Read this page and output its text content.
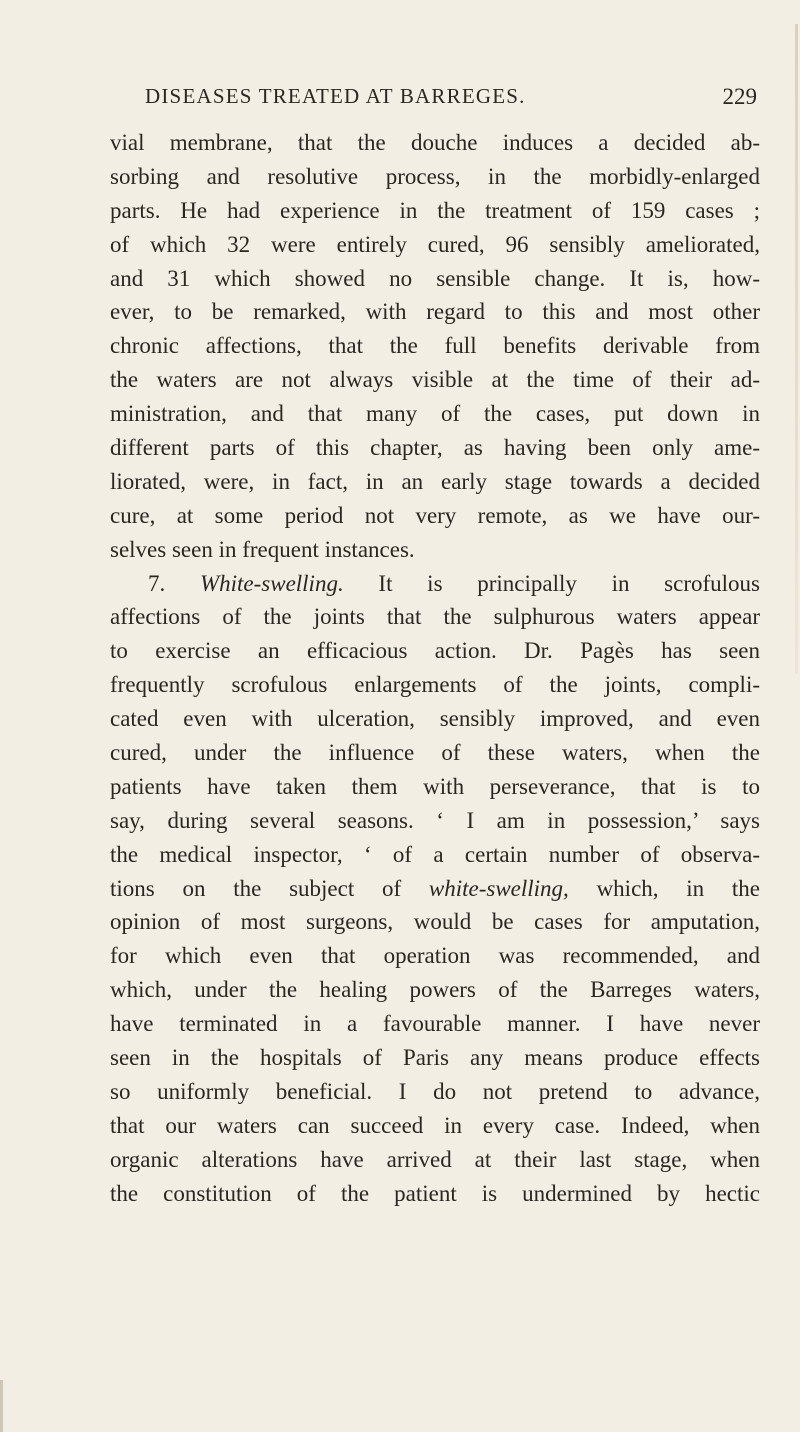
DISEASES TREATED AT BARREGES.	229
vial membrane, that the douche induces a decided ab-
sorbing and resolutive process, in the morbidly-enlarged
parts. He had experience in the treatment of 159 cases ;
of which 32 were entirely cured, 96 sensibly ameliorated,
and 31 which showed no sensible change. It is, how-
ever, to be remarked, with regard to this and most other
chronic affections, that the full benefits derivable from
the waters are not always visible at the time of their ad-
ministration, and that many of the cases, put down in
different parts of this chapter, as having been only ame-
liorated, were, in fact, in an early stage towards a decided
cure, at some period not very remote, as we have our-
selves seen in frequent instances.
7. White-swelling. It is principally in scrofulous
affections of the joints that the sulphurous waters appear
to exercise an efficacious action. Dr. Pagès has seen
frequently scrofulous enlargements of the joints, compli-
cated even with ulceration, sensibly improved, and even
cured, under the influence of these waters, when the
patients have taken them with perseverance, that is to
say, during several seasons. ‘ I am in possession,’ says
the medical inspector, ‘ of a certain number of observa-
tions on the subject of white-swelling, which, in the
opinion of most surgeons, would be cases for amputation,
for which even that operation was recommended, and
which, under the healing powers of the Barreges waters,
have terminated in a favourable manner. I have never
seen in the hospitals of Paris any means produce effects
so uniformly beneficial. I do not pretend to advance,
that our waters can succeed in every case. Indeed, when
organic alterations have arrived at their last stage, when
the constitution of the patient is undermined by hectic
